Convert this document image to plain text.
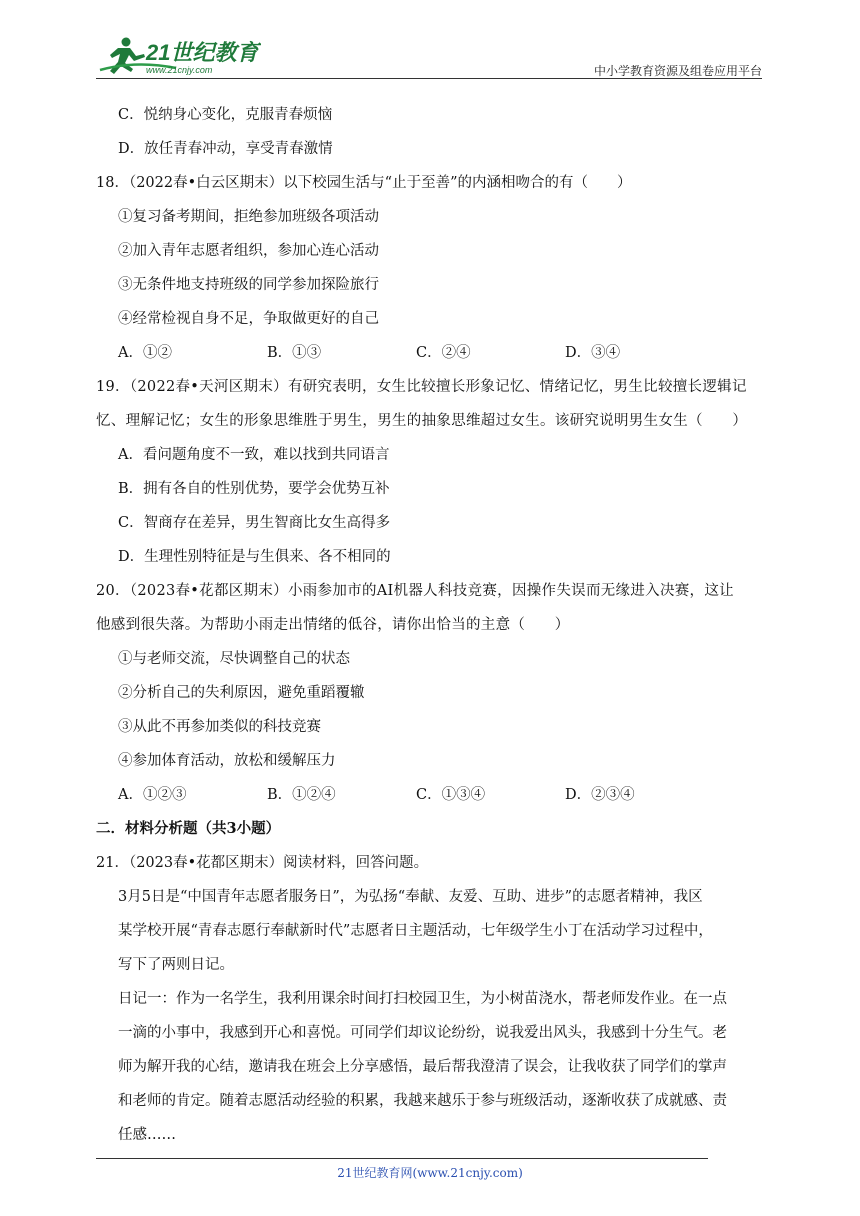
21世纪教育
www.21cnjy.com	中小学教育资源及组卷应用平台
C．悦纳身心变化，克服青春烦恼
D．放任青春冲动，享受青春激情
18．（2022春•白云区期末）以下校园生活与“止于至善”的内涵相吻合的有（　　）
①复习备考期间，拒绝参加班级各项活动
②加入青年志愿者组织，参加心连心活动
③无条件地支持班级的同学参加探险旅行
④经常检视自身不足，争取做更好的自己
A．①②	B．①③	C．②④	D．③④
19．（2022春•天河区期末）有研究表明，女生比较擅长形象记忆、情绪记忆，男生比较擅长逻辑记
忆、理解记忆；女生的形象思维胜于男生，男生的抽象思维超过女生。该研究说明男生女生（　　）
A．看问题角度不一致，难以找到共同语言
B．拥有各自的性别优势，要学会优势互补
C．智商存在差异，男生智商比女生高得多
D．生理性别特征是与生俱来、各不相同的
20．（2023春•花都区期末）小雨参加市的AI机器人科技竞赛，因操作失误而无缘进入决赛，这让
他感到很失落。为帮助小雨走出情绪的低谷，请你出恰当的主意（　　）
①与老师交流，尽快调整自己的状态
②分析自己的失利原因，避免重蹈覆辙
③从此不再参加类似的科技竞赛
④参加体育活动，放松和缓解压力
A．①②③	B．①②④	C．①③④	D．②③④
二．材料分析题（共3小题）
21．（2023春•花都区期末）阅读材料，回答问题。
3月5日是“中国青年志愿者服务日”，为弘扬“奉献、友爱、互助、进步”的志愿者精神，我区
某学校开展“青春志愿行奉献新时代”志愿者日主题活动，七年级学生小丁在活动学习过程中，
写下了两则日记。
日记一：作为一名学生，我利用课余时间打扫校园卫生，为小树苗浇水，帮老师发作业。在一点
一滴的小事中，我感到开心和喜悦。可同学们却议论纷纷，说我爱出风头，我感到十分生气。老
师为解开我的心结，邀请我在班会上分享感悟，最后帮我澄清了误会，让我收获了同学们的掌声
和老师的肯定。随着志愿活动经验的积累，我越来越乐于参与班级活动，逐渐收获了成就感、责
任感……
21世纪教育网(www.21cnjy.com)
